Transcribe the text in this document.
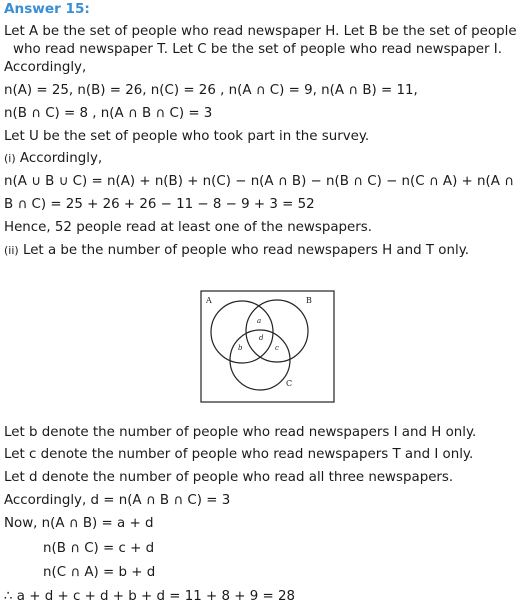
Answer 15:
Let A be the set of people who read newspaper H. Let B be the set of people
who read newspaper T. Let C be the set of people who read newspaper I.
Accordingly,
n(A) = 25, n(B) = 26, n(C) = 26 , n(A ∩ C) = 9, n(A ∩ B) = 11,
n(B ∩ C) = 8 , n(A ∩ B ∩ C) = 3
Let U be the set of people who took part in the survey.
(i) Accordingly,
n(A ∪ B ∪ C) = n(A) + n(B) + n(C) − n(A ∩ B) − n(B ∩ C) − n(C ∩ A) + n(A ∩
B ∩ C) = 25 + 26 + 26 − 11 − 8 − 9 + 3 = 52
Hence, 52 people read at least one of the newspapers.
(ii) Let a be the number of people who read newspapers H and T only.
A	B
C
a
b	c
d
Let b denote the number of people who read newspapers I and H only.
Let c denote the number of people who read newspapers T and I only.
Let d denote the number of people who read all three newspapers.
Accordingly, d = n(A ∩ B ∩ C) = 3
Now, n(A ∩ B) = a + d
n(B ∩ C) = c + d
n(C ∩ A) = b + d
∴ a + d + c + d + b + d = 11 + 8 + 9 = 28
